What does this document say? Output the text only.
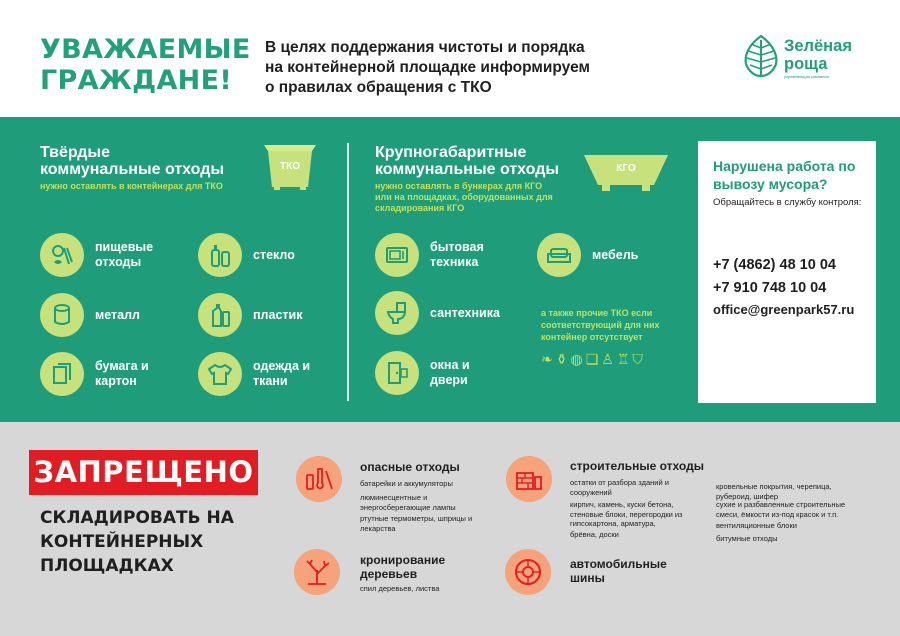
УВАЖАЕМЫЕ
ГРАЖДАНЕ!
В целях поддержания чистоты и порядка
на контейнерной площадке информируем
о правилах обращения с ТКО
Зелёная
роща
управляющая компания
Твёрдые
коммунальные отходы
нужно оставлять в контейнерах для ТКО
ТКО
пищевые отходы
стекло
металл	пластик
бумага и картон
одежда и ткани
Крупногабаритные
коммунальные отходы
нужно оставлять в бункерах для КГО
или на площадках, оборудованных для
складирования КГО
КГО
бытовая техника
мебель
сантехника
окна и двери
а также прочие ТКО если соответствующий для них контейнер отсутствует
❧ ⚱ ◍ ❏ ♙ ♖ ⛉
Нарушена работа по вывозу мусора?
Обращайтесь в службу контроля:
+7 (4862) 48 10 04
+7 910 748 10 04
office@greenpark57.ru
ЗАПРЕЩЕНО
СКЛАДИРОВАТЬ НА
КОНТЕЙНЕРНЫХ
ПЛОЩАДКАХ
опасные отходы
батарейки и аккумуляторы
люминесцентные и энергосберегающие лампы
ртутные термометры, шприцы и лекарства
строительные отходы
остатки от разбора зданий и сооружений
кирпич, камень, куски бетона, стеновые блоки, перегородки из гипсокартона, арматура,
брёвна, доски
кровельные покрытия, черепица, рубероид, шифер
сухие и разбавленные строительные смеси, ёмкости из-под красок и т.п.
вентиляционные блоки
битумные отходы
кронирование
деревьев
спил деревьев, листва
автомобильные
шины
